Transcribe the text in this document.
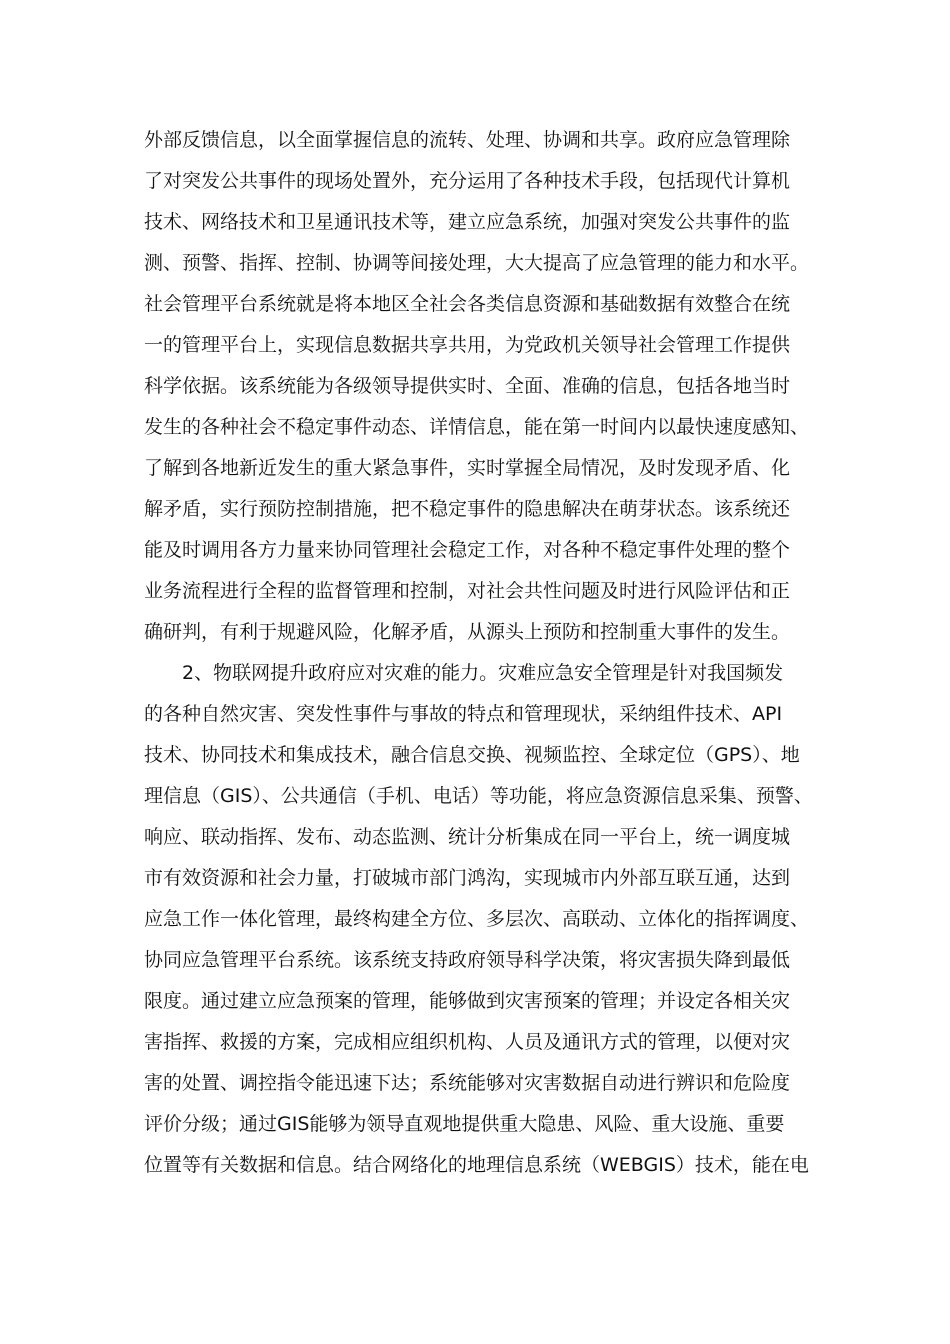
外部反馈信息，以全面掌握信息的流转、处理、协调和共享。政府应急管理除
了对突发公共事件的现场处置外，充分运用了各种技术手段，包括现代计算机
技术、网络技术和卫星通讯技术等，建立应急系统，加强对突发公共事件的监
测、预警、指挥、控制、协调等间接处理，大大提高了应急管理的能力和水平。
社会管理平台系统就是将本地区全社会各类信息资源和基础数据有效整合在统
一的管理平台上，实现信息数据共享共用，为党政机关领导社会管理工作提供
科学依据。该系统能为各级领导提供实时、全面、准确的信息，包括各地当时
发生的各种社会不稳定事件动态、详情信息，能在第一时间内以最快速度感知、
了解到各地新近发生的重大紧急事件，实时掌握全局情况，及时发现矛盾、化
解矛盾，实行预防控制措施，把不稳定事件的隐患解决在萌芽状态。该系统还
能及时调用各方力量来协同管理社会稳定工作，对各种不稳定事件处理的整个
业务流程进行全程的监督管理和控制，对社会共性问题及时进行风险评估和正
确研判，有利于规避风险，化解矛盾，从源头上预防和控制重大事件的发生。
2、物联网提升政府应对灾难的能力。灾难应急安全管理是针对我国频发
的各种自然灾害、突发性事件与事故的特点和管理现状，采纳组件技术、API
技术、协同技术和集成技术，融合信息交换、视频监控、全球定位（GPS）、地
理信息（GIS）、公共通信（手机、电话）等功能，将应急资源信息采集、预警、
响应、联动指挥、发布、动态监测、统计分析集成在同一平台上，统一调度城
市有效资源和社会力量，打破城市部门鸿沟，实现城市内外部互联互通，达到
应急工作一体化管理，最终构建全方位、多层次、高联动、立体化的指挥调度、
协同应急管理平台系统。该系统支持政府领导科学决策，将灾害损失降到最低
限度。通过建立应急预案的管理，能够做到灾害预案的管理；并设定各相关灾
害指挥、救援的方案，完成相应组织机构、人员及通讯方式的管理，以便对灾
害的处置、调控指令能迅速下达；系统能够对灾害数据自动进行辨识和危险度
评价分级；通过GIS能够为领导直观地提供重大隐患、风险、重大设施、重要
位置等有关数据和信息。结合网络化的地理信息系统（WEBGIS）技术，能在电
